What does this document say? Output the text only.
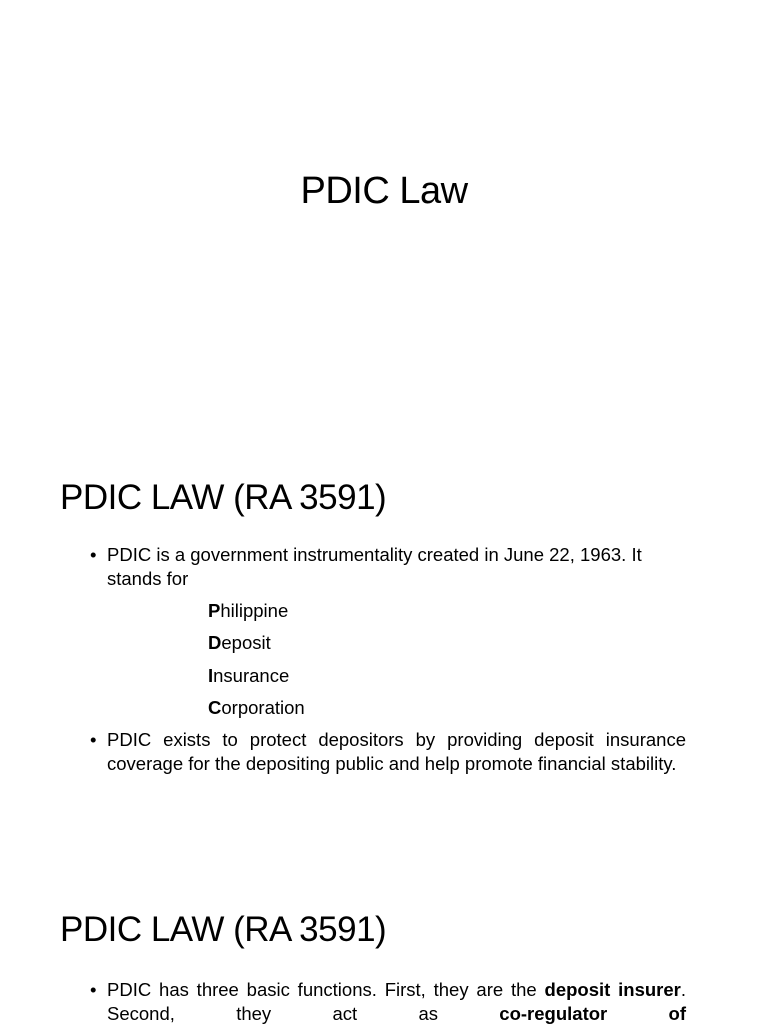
PDIC Law
PDIC LAW (RA 3591)
• PDIC is a government instrumentality created in June 22, 1963. It stands for
Philippine
Deposit
Insurance
Corporation
• PDIC exists to protect depositors by providing deposit insurance coverage for the depositing public and help promote financial stability.
PDIC LAW (RA 3591)
• PDIC has three basic functions. First, they are the deposit insurer. Second, they act as co-regulator of
